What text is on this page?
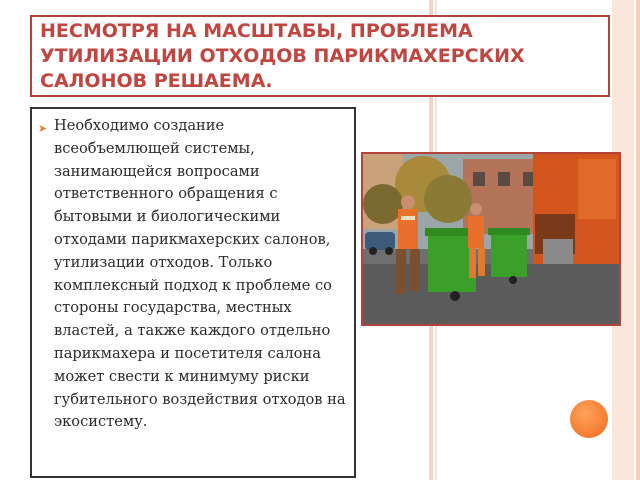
НЕСМОТРЯ НА МАСШТАБЫ, ПРОБЛЕМА УТИЛИЗАЦИИ ОТХОДОВ ПАРИКМАХЕРСКИХ САЛОНОВ РЕШАЕМА.
➤ Необходимо создание всеобъемлющей системы, занимающейся вопросами ответственного обращения с бытовыми и биологическими отходами парикмахерских салонов, утилизации отходов. Только комплексный подход к проблеме со стороны государства, местных властей, а также каждого отдельно парикмахера и посетителя салона может свести к минимуму риски губительного воздействия отходов на экосистему.
